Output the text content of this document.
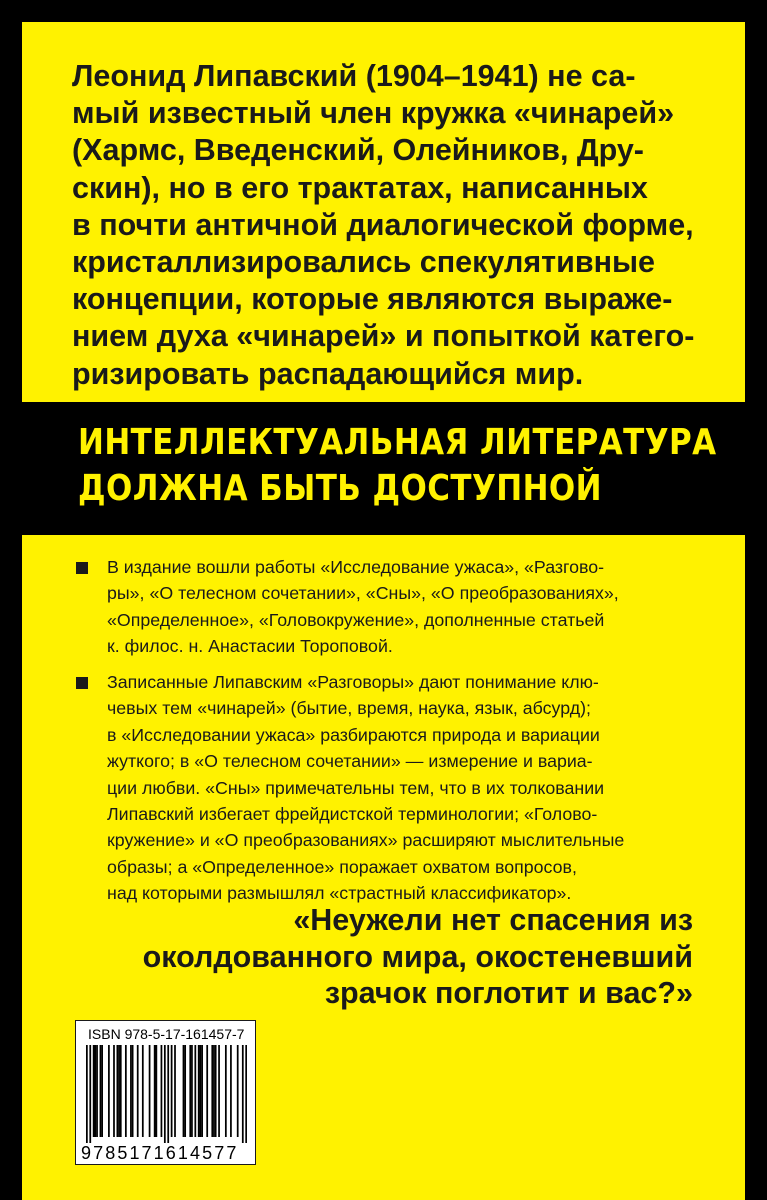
Леонид Липавский (1904–1941) не са-
мый известный член кружка «чинарей»
(Хармс, Введенский, Олейников, Дру-
скин), но в его трактатах, написанных
в почти античной диалогической форме,
кристаллизировались спекулятивные
концепции, которые являются выраже-
нием духа «чинарей» и попыткой катего-
ризировать распадающийся мир.

ИНТЕЛЛЕКТУАЛЬНАЯ ЛИТЕРАТУРА
ДОЛЖНА БЫТЬ ДОСТУПНОЙ

В издание вошли работы «Исследование ужаса», «Разгово-
ры», «О телесном сочетании», «Сны», «О преобразованиях»,
«Определенное», «Головокружение», дополненные статьей
к. филос. н. Анастасии Тороповой.

Записанные Липавским «Разговоры» дают понимание клю-
чевых тем «чинарей» (бытие, время, наука, язык, абсурд);
в «Исследовании ужаса» разбираются природа и вариации
жуткого; в «О телесном сочетании» — измерение и вариа-
ции любви. «Сны» примечательны тем, что в их толковании
Липавский избегает фрейдистской терминологии; «Голово-
кружение» и «О преобразованиях» расширяют мыслительные
образы; а «Определенное» поражает охватом вопросов,
над которыми размышлял «страстный классификатор».

«Неужели нет спасения из
околдованного мира, окостеневший
зрачок поглотит и вас?»

ISBN 978-5-17-161457-7
9785171614577
